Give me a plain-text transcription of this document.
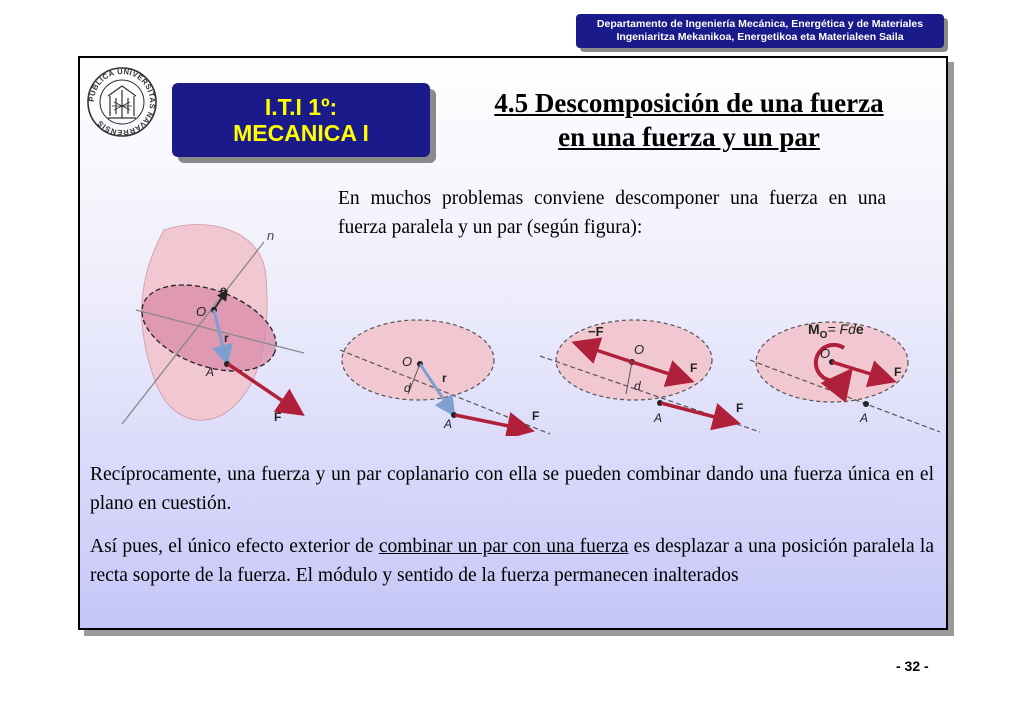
Departamento de Ingeniería Mecánica, Energética y de Materiales
Ingeniaritza Mekanikoa, Energetikoa eta Materialeen Saila
PUBLICA UNIVERSITAS NAVARRENSIS
I.T.I 1º:
MECANICA I
4.5 Descomposición de una fuerza
en una fuerza y un par
En muchos problemas conviene descomponer una fuerza en una fuerza paralela y un par (según figura):
n
e
O
r
A
F
O
d
r
A
F
−F
O
d
F
A
F
$M_O=$ Fde
O
F
A

Recíprocamente, una fuerza y un par coplanario con ella se pueden combinar dando una fuerza única en el plano en cuestión.

Así pues, el único efecto exterior de combinar un par con una fuerza es desplazar a una posición paralela la recta soporte de la fuerza. El módulo y sentido de la fuerza permanecen inalterados

- 32 -
